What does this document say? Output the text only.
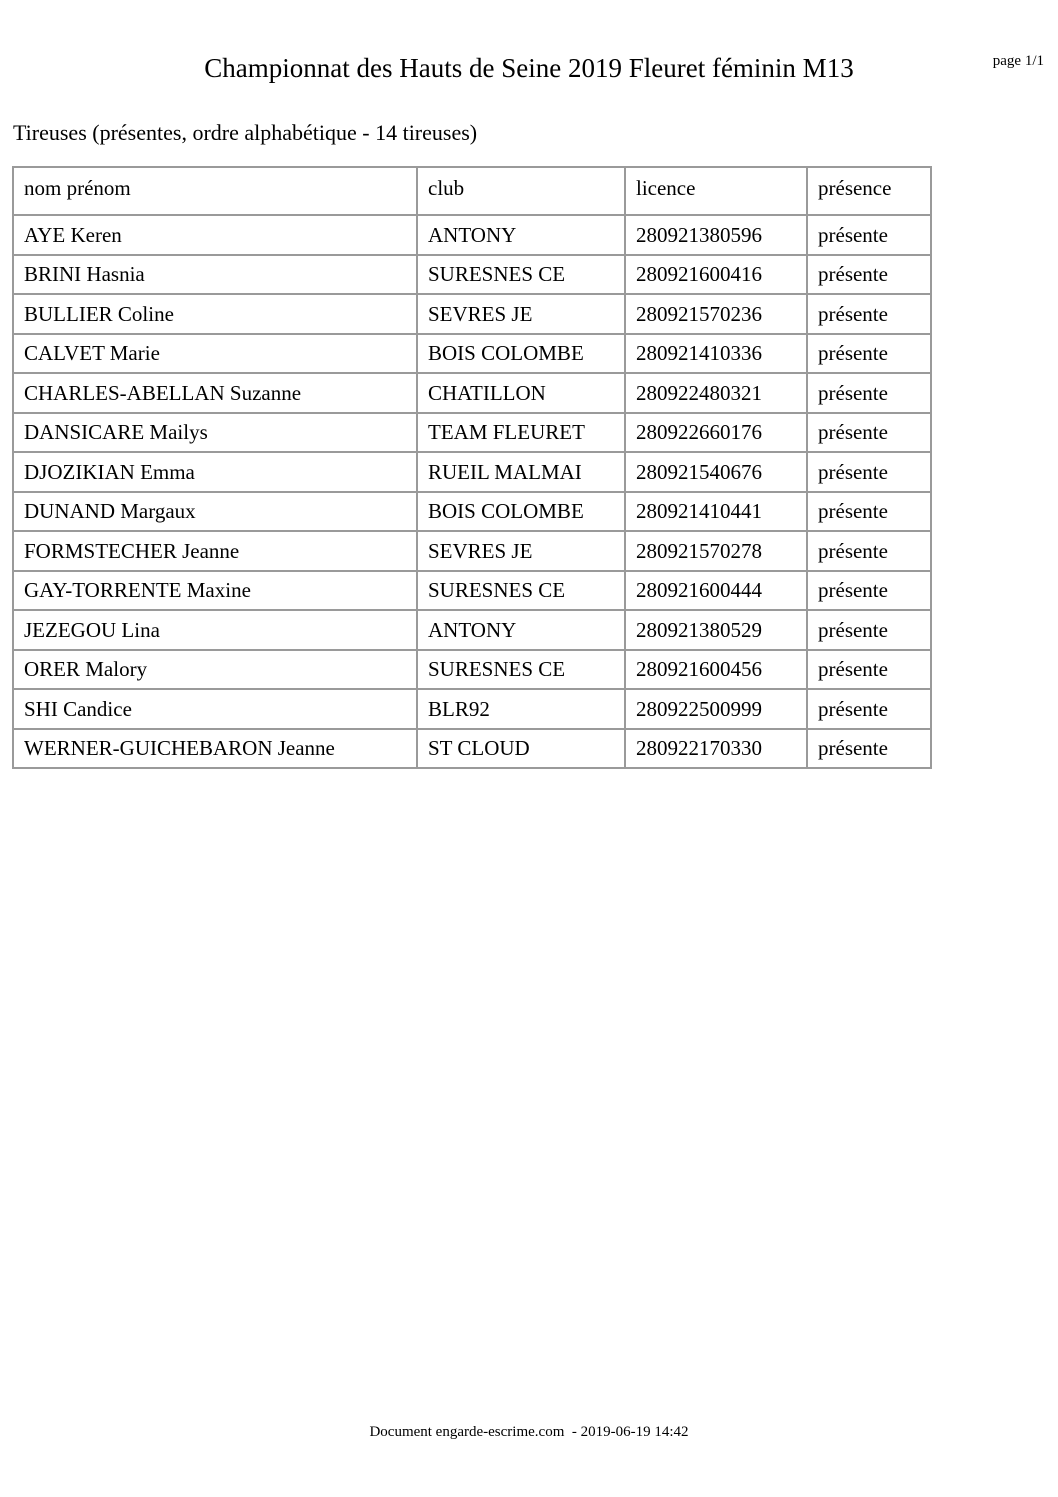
Championnat des Hauts de Seine 2019 Fleuret féminin M13	page 1/1
Tireuses (présentes, ordre alphabétique - 14 tireuses)
nom prénom	club	licence	présence
AYE Keren	ANTONY	280921380596	présente
BRINI Hasnia	SURESNES CE	280921600416	présente
BULLIER Coline	SEVRES JE	280921570236	présente
CALVET Marie	BOIS COLOMBE	280921410336	présente
CHARLES-ABELLAN Suzanne	CHATILLON	280922480321	présente
DANSICARE Mailys	TEAM FLEURET	280922660176	présente
DJOZIKIAN Emma	RUEIL MALMAI	280921540676	présente
DUNAND Margaux	BOIS COLOMBE	280921410441	présente
FORMSTECHER Jeanne	SEVRES JE	280921570278	présente
GAY-TORRENTE Maxine	SURESNES CE	280921600444	présente
JEZEGOU Lina	ANTONY	280921380529	présente
ORER Malory	SURESNES CE	280921600456	présente
SHI Candice	BLR92	280922500999	présente
WERNER-GUICHEBARON Jeanne	ST CLOUD	280922170330	présente
Document engarde-escrime.com  - 2019-06-19 14:42
